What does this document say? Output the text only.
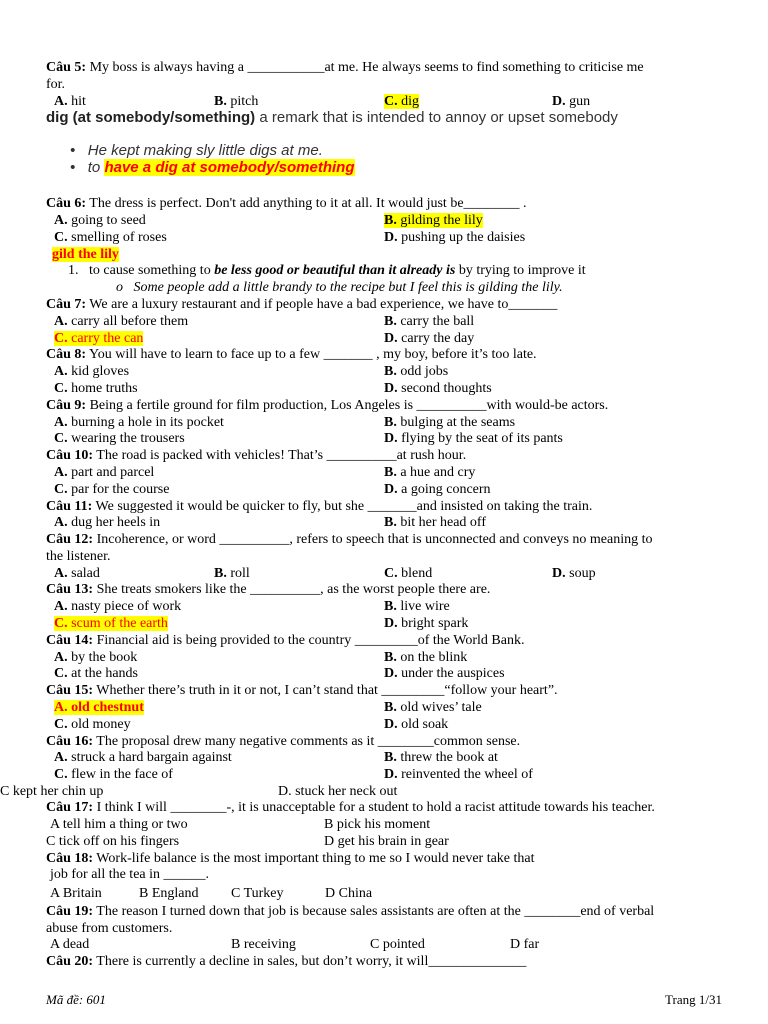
Câu 5: My boss is always having a ___________at me. He always seems to find something to criticise me
for.
A. hit	B. pitch	C. dig	D. gun
dig (at somebody/something) a remark that is intended to annoy or upset somebody
•   He kept making sly little digs at me.
•   to have a dig at somebody/something
Câu 6: The dress is perfect. Don't add anything to it at all. It would just be________ .
A. going to seed	B. gilding the lily
C. smelling of roses	D. pushing up the daisies
gild the lily
1. to cause something to be less good or beautiful than it already is by trying to improve it
o Some people add a little brandy to the recipe but I feel this is gilding the lily.
Câu 7: We are a luxury restaurant and if people have a bad experience, we have to_______
A. carry all before them	B. carry the ball
C. carry the can	D. carry the day
Câu 8: You will have to learn to face up to a few _______ , my boy, before it’s too late.
A. kid gloves	B. odd jobs
C. home truths	D. second thoughts
Câu 9: Being a fertile ground for film production, Los Angeles is __________with would-be actors.
A. burning a hole in its pocket	B. bulging at the seams
C. wearing the trousers	D. flying by the seat of its pants
Câu 10: The road is packed with vehicles! That’s __________at rush hour.
A. part and parcel	B. a hue and cry
C. par for the course	D. a going concern
Câu 11: We suggested it would be quicker to fly, but she _______and insisted on taking the train.
A. dug her heels in	B. bit her head off
Câu 12: Incoherence, or word __________, refers to speech that is unconnected and conveys no meaning to
the listener.
A. salad	B. roll	C. blend	D. soup
Câu 13: She treats smokers like the __________, as the worst people there are.
A. nasty piece of work	B. live wire
C. scum of the earth	D. bright spark
Câu 14: Financial aid is being provided to the country _________of the World Bank.
A. by the book	B. on the blink
C. at the hands	D. under the auspices
Câu 15: Whether there’s truth in it or not, I can’t stand that _________“follow your heart”.
A. old chestnut	B. old wives’ tale
C. old money	D. old soak
Câu 16: The proposal drew many negative comments as it ________common sense.
A. struck a hard bargain against	B. threw the book at
C. flew in the face of	D. reinvented the wheel of
C kept her chin up	D. stuck her neck out
Câu 17: I think I will ________-, it is unacceptable for a student to hold a racist attitude towards his teacher.
A tell him a thing or two	B pick his moment
C tick off on his fingers	D get his brain in gear
Câu 18: Work-life balance is the most important thing to me so I would never take that
job for all the tea in ______.
A Britain	B England C Turkey	D China
Câu 19: The reason I turned down that job is because sales assistants are often at the ________end of verbal
abuse from customers.
A dead	B receiving	C pointed	D far
Câu 20: There is currently a decline in sales, but don’t worry, it will______________
Mã đề: 601	Trang 1/31
